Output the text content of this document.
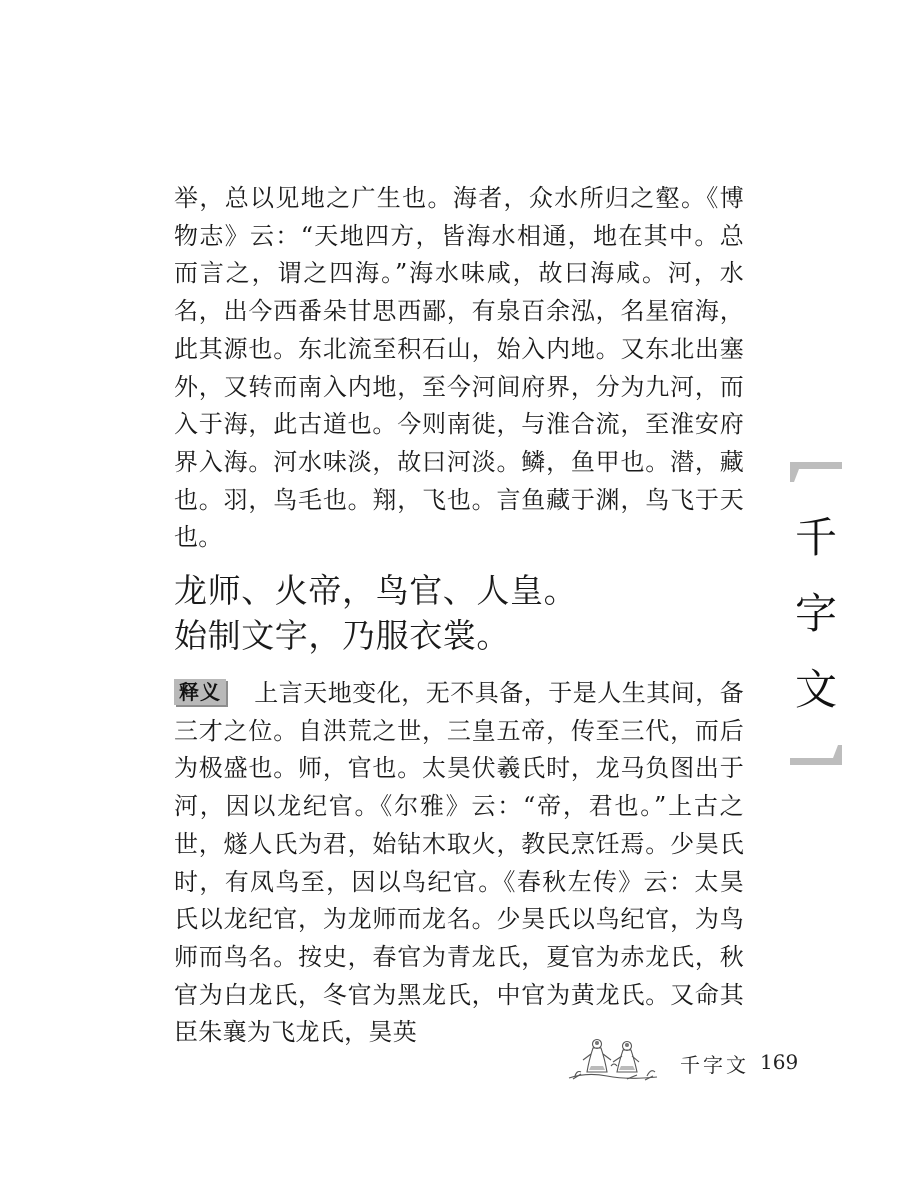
举，总以见地之广生也。海者，众水所归之壑。《博物志》云：“天地四方，皆海水相通，地在其中。总而言之，谓之四海。”海水味咸，故曰海咸。河，水名，出今西番朵甘思西鄙，有泉百余泓，名星宿海，此其源也。东北流至积石山，始入内地。又东北出塞外，又转而南入内地，至今河间府界，分为九河，而入于海，此古道也。今则南徙，与淮合流，至淮安府界入海。河水味淡，故曰河淡。鳞，鱼甲也。潜，藏也。羽，鸟毛也。翔，飞也。言鱼藏于渊，鸟飞于天也。

龙师、火帝，鸟官、人皇。
始制文字，乃服衣裳。

释义 上言天地变化，无不具备，于是人生其间，备三才之位。自洪荒之世，三皇五帝，传至三代，而后为极盛也。师，官也。太昊伏羲氏时，龙马负图出于河，因以龙纪官。《尔雅》云：“帝，君也。”上古之世，燧人氏为君，始钻木取火，教民烹饪焉。少昊氏时，有凤鸟至，因以鸟纪官。《春秋左传》云：太昊氏以龙纪官，为龙师而龙名。少昊氏以鸟纪官，为鸟师而鸟名。按史，春官为青龙氏，夏官为赤龙氏，秋官为白龙氏，冬官为黑龙氏，中官为黄龙氏。又命其臣朱襄为飞龙氏，昊英

千
字
文
千字文 169
